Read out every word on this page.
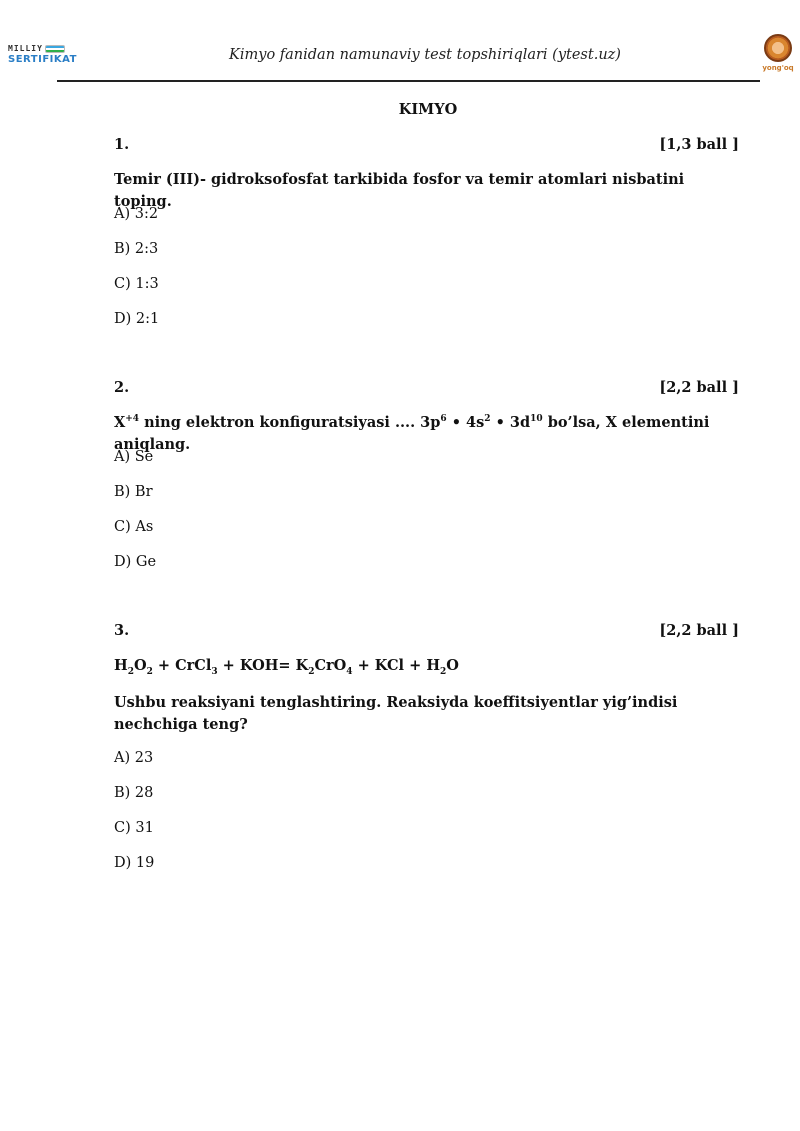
MILLIY
SERTIFIKAT	Kimyo fanidan namunaviy test topshiriqlari (ytest.uz)
yong'oq
KIMYO
1.	[1,3 ball ]
Temir (III)- gidroksofosfat tarkibida fosfor va temir atomlari nisbatini toping.
A) 3:2
B) 2:3
C) 1:3
D) 2:1
2.	[2,2 ball ]
$X^{+4}$ ning elektron konfiguratsiyasi .... $3p^6$ • $4s^2$ • $3d^{10}$ bo’lsa, X elementini aniqlang.
A) Se
B) Br
C) As
D) Ge
3.	[2,2 ball ]
$H_2O_2$ + CrCl$_3$ + $KOH= K_2CrO_4$ + KCl + $H_2O$
Ushbu reaksiyani tenglashtiring. Reaksiyda koeffitsiyentlar yig’indisi nechchiga teng?
A) 23
B) 28
C) 31
D) 19
